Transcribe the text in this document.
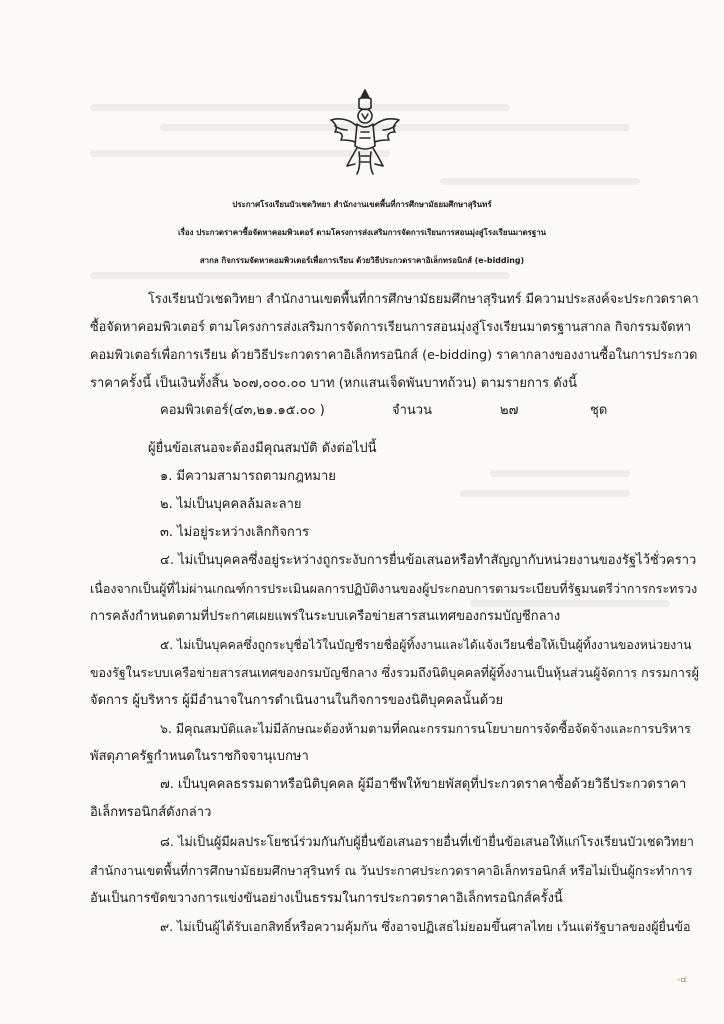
ประกาศโรงเรียนบัวเชดวิทยา สำนักงานเขตพื้นที่การศึกษามัธยมศึกษาสุรินทร์
เรื่อง ประกวดราคาซื้อจัดหาคอมพิวเตอร์ ตามโครงการส่งเสริมการจัดการเรียนการสอนมุ่งสู่โรงเรียนมาตรฐาน
สากล กิจกรรมจัดหาคอมพิวเตอร์เพื่อการเรียน ด้วยวิธีประกวดราคาอิเล็กทรอนิกส์ (e-bidding)
โรงเรียนบัวเชดวิทยา สำนักงานเขตพื้นที่การศึกษามัธยมศึกษาสุรินทร์ มีความประสงค์จะประกวดราคา
ซื้อจัดหาคอมพิวเตอร์ ตามโครงการส่งเสริมการจัดการเรียนการสอนมุ่งสู่โรงเรียนมาตรฐานสากล กิจกรรมจัดหา
คอมพิวเตอร์เพื่อการเรียน ด้วยวิธีประกวดราคาอิเล็กทรอนิกส์ (e-bidding) ราคากลางของงานซื้อในการประกวด
ราคาครั้งนี้ เป็นเงินทั้งสิ้น ๖๐๗,๐๐๐.๐๐ บาท (หกแสนเจ็ดพันบาทถ้วน) ตามรายการ ดังนี้
คอมพิวเตอร์(๔๓,๒๑.๑๕.๐๐ )	จำนวน	๒๗	ชุด
ผู้ยื่นข้อเสนอจะต้องมีคุณสมบัติ ดังต่อไปนี้
๑. มีความสามารถตามกฎหมาย
๒. ไม่เป็นบุคคลล้มละลาย
๓. ไม่อยู่ระหว่างเลิกกิจการ
๔. ไม่เป็นบุคคลซึ่งอยู่ระหว่างถูกระงับการยื่นข้อเสนอหรือทำสัญญากับหน่วยงานของรัฐไว้ชั่วคราว
เนื่องจากเป็นผู้ที่ไม่ผ่านเกณฑ์การประเมินผลการปฏิบัติงานของผู้ประกอบการตามระเบียบที่รัฐมนตรีว่าการกระทรวง
การคลังกำหนดตามที่ประกาศเผยแพร่ในระบบเครือข่ายสารสนเทศของกรมบัญชีกลาง
๕. ไม่เป็นบุคคลซึ่งถูกระบุชื่อไว้ในบัญชีรายชื่อผู้ทิ้งงานและได้แจ้งเวียนชื่อให้เป็นผู้ทิ้งงานของหน่วยงาน
ของรัฐในระบบเครือข่ายสารสนเทศของกรมบัญชีกลาง ซึ่งรวมถึงนิติบุคคลที่ผู้ทิ้งงานเป็นหุ้นส่วนผู้จัดการ กรรมการผู้
จัดการ ผู้บริหาร ผู้มีอำนาจในการดำเนินงานในกิจการของนิติบุคคลนั้นด้วย
๖. มีคุณสมบัติและไม่มีลักษณะต้องห้ามตามที่คณะกรรมการนโยบายการจัดซื้อจัดจ้างและการบริหาร
พัสดุภาครัฐกำหนดในราชกิจจานุเบกษา
๗. เป็นบุคคลธรรมดาหรือนิติบุคคล ผู้มีอาชีพให้ขายพัสดุที่ประกวดราคาซื้อด้วยวิธีประกวดราคา
อิเล็กทรอนิกส์ดังกล่าว
๘. ไม่เป็นผู้มีผลประโยชน์ร่วมกันกับผู้ยื่นข้อเสนอรายอื่นที่เข้ายื่นข้อเสนอให้แก่โรงเรียนบัวเชดวิทยา
สำนักงานเขตพื้นที่การศึกษามัธยมศึกษาสุรินทร์ ณ วันประกาศประกวดราคาอิเล็กทรอนิกส์ หรือไม่เป็นผู้กระทำการ
อันเป็นการขัดขวางการแข่งขันอย่างเป็นธรรมในการประกวดราคาอิเล็กทรอนิกส์ครั้งนี้
๙. ไม่เป็นผู้ได้รับเอกสิทธิ์หรือความคุ้มกัน ซึ่งอาจปฏิเสธไม่ยอมขึ้นศาลไทย เว้นแต่รัฐบาลของผู้ยื่นข้อ
-๔
